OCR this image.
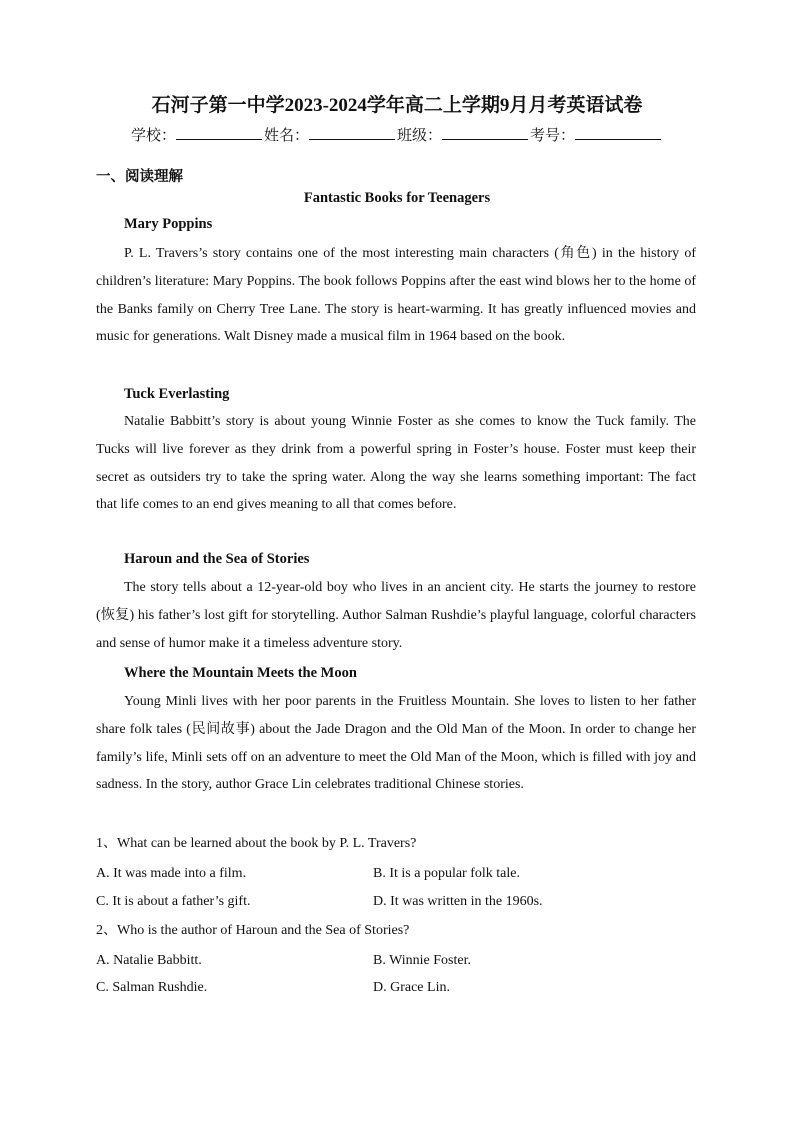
石河子第一中学2023-2024学年高二上学期9月月考英语试卷
学校：	姓名：	班级：	考号：
一、阅读理解
Fantastic Books for Teenagers
Mary Poppins

P. L. Travers’s story contains one of the most interesting main characters (角色) in the history of children’s literature: Mary Poppins. The book follows Poppins after the east wind blows her to the home of the Banks family on Cherry Tree Lane. The story is heart-warming. It has greatly influenced movies and music for generations. Walt Disney made a musical film in 1964 based on the book.

Tuck Everlasting

Natalie Babbitt’s story is about young Winnie Foster as she comes to know the Tuck family. The Tucks will live forever as they drink from a powerful spring in Foster’s house. Foster must keep their secret as outsiders try to take the spring water. Along the way she learns something important: The fact that life comes to an end gives meaning to all that comes before.

Haroun and the Sea of Stories

The story tells about a 12-year-old boy who lives in an ancient city. He starts the journey to restore (恢复) his father’s lost gift for storytelling. Author Salman Rushdie’s playful language, colorful characters and sense of humor make it a timeless adventure story.

Where the Mountain Meets the Moon

Young Minli lives with her poor parents in the Fruitless Mountain. She loves to listen to her father share folk tales (民间故事) about the Jade Dragon and the Old Man of the Moon. In order to change her family’s life, Minli sets off on an adventure to meet the Old Man of the Moon, which is filled with joy and sadness. In the story, author Grace Lin celebrates traditional Chinese stories.

1、What can be learned about the book by P. L. Travers?
A. It was made into a film.	B. It is a popular folk tale.
C. It is about a father’s gift.	D. It was written in the 1960s.
2、Who is the author of Haroun and the Sea of Stories?
A. Natalie Babbitt.	B. Winnie Foster.
C. Salman Rushdie.	D. Grace Lin.
